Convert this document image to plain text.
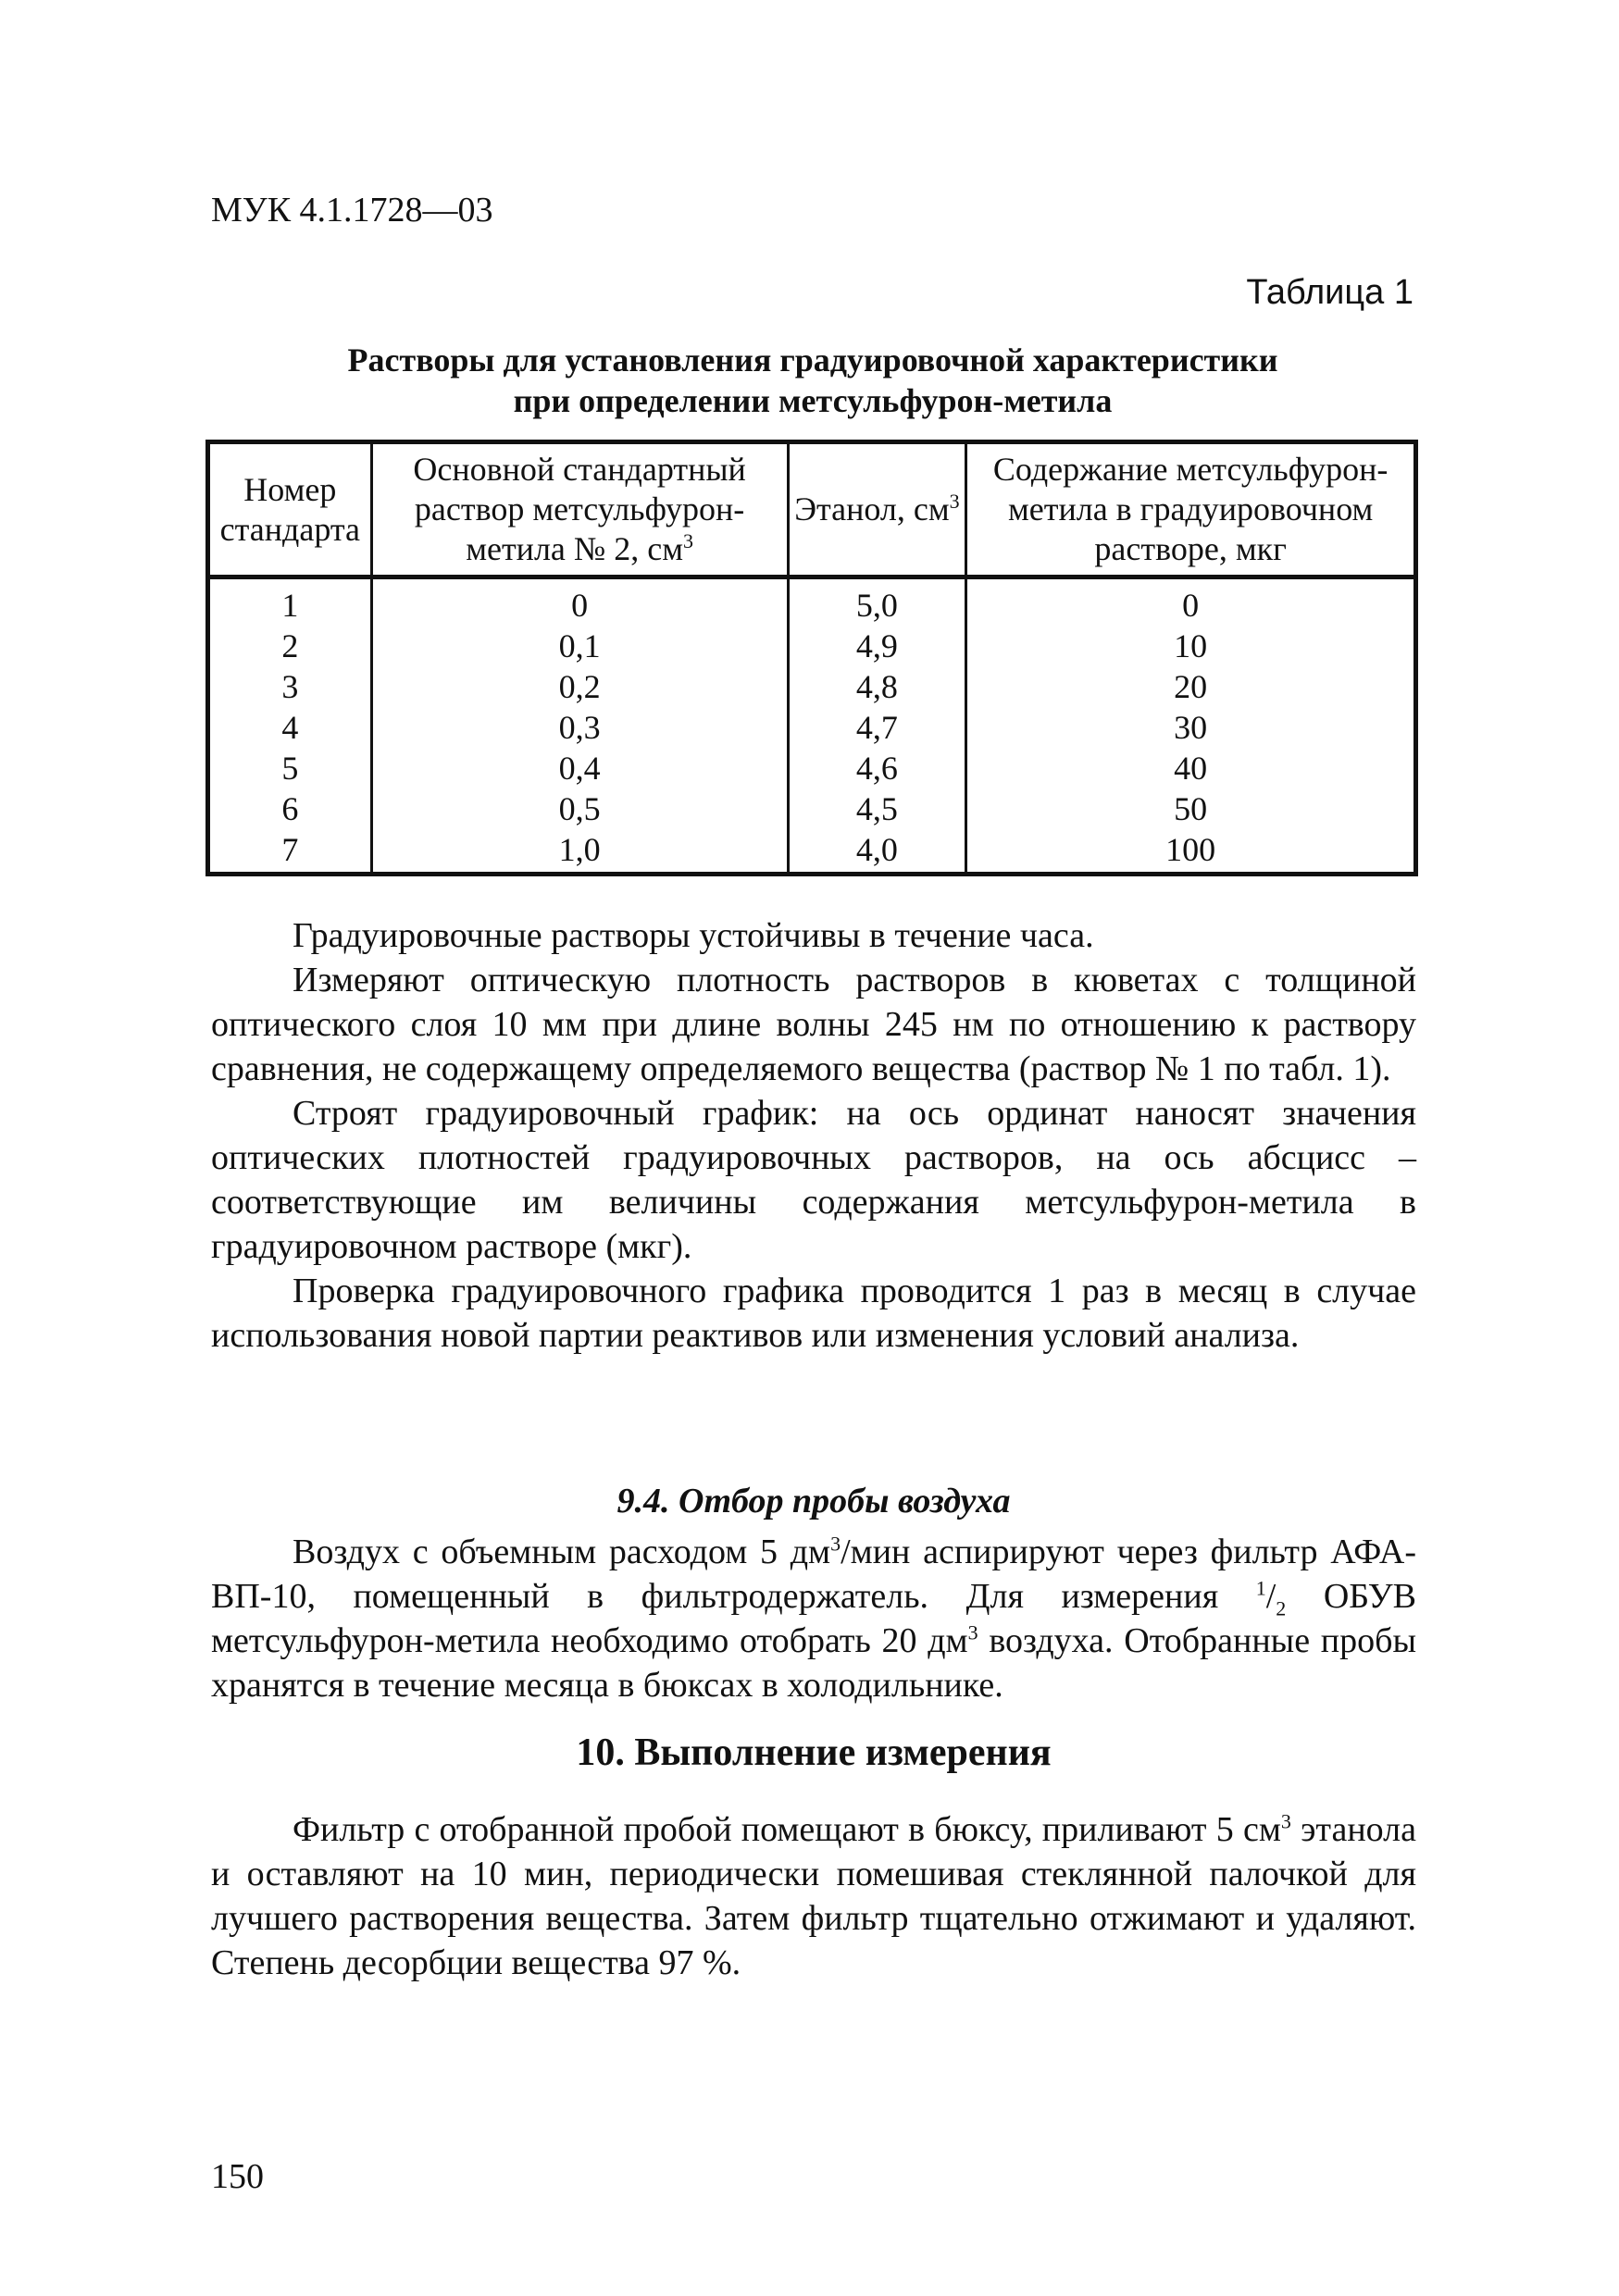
МУК 4.1.1728—03
Таблица 1
Растворы для установления градуировочной характеристики
при определении метсульфурон-метила
Номер стандарта	Основной стандартный раствор метсульфурон-метила № 2, $см^3$	Этанол, $см^3$	Содержание метсульфурон-метила в градуировочном растворе, мкг
1	0	5,0	0
2	0,1	4,9	10
3	0,2	4,8	20
4	0,3	4,7	30
5	0,4	4,6	40
6	0,5	4,5	50
7	1,0	4,0	100

Градуировочные растворы устойчивы в течение часа.

Измеряют оптическую плотность растворов в кюветах с толщиной оптического слоя 10 мм при длине волны 245 нм по отношению к раствору сравнения, не содержащему определяемого вещества (раствор № 1 по табл. 1).

Строят градуировочный график: на ось ординат наносят значения оптических плотностей градуировочных растворов, на ось абсцисс – соответствующие им величины содержания метсульфурон-метила в градуировочном растворе (мкг).

Проверка градуировочного графика проводится 1 раз в месяц в случае использования новой партии реактивов или изменения условий анализа.

9.4. Отбор пробы воздуха

Воздух с объемным расходом 5 $дм^3$/мин аспирируют через фильтр АФА-ВП-10, помещенный в фильтродержатель. Для измерения $^1/_2$ ОБУВ метсульфурон-метила необходимо отобрать 20 $дм^3$ воздуха. Отобранные пробы хранятся в течение месяца в бюксах в холодильнике.

10. Выполнение измерения

Фильтр с отобранной пробой помещают в бюксу, приливают 5 $см^3$ этанола и оставляют на 10 мин, периодически помешивая стеклянной палочкой для лучшего растворения вещества. Затем фильтр тщательно отжимают и удаляют. Степень десорбции вещества 97 %.

150
